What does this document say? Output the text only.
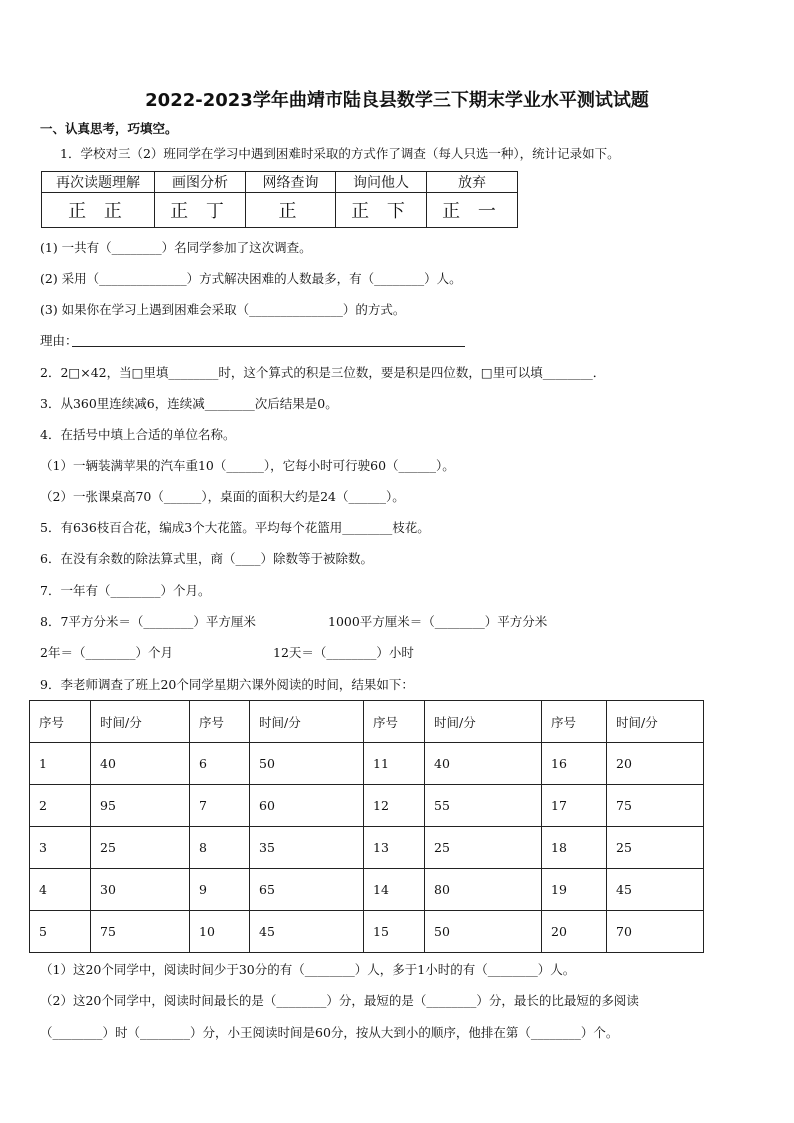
2022-2023学年曲靖市陆良县数学三下期末学业水平测试试题
一、认真思考，巧填空。
1．学校对三（2）班同学在学习中遇到困难时采取的方式作了调查（每人只选一种），统计记录如下。
再次读题理解	画图分析	网络查询	询问他人	放弃
正 正	正 丁	正	正 下	正 一
(1) 一共有（________）名同学参加了这次调查。
(2) 采用（______________）方式解决困难的人数最多，有（________）人。
(3) 如果你在学习上遇到困难会采取（_______________）的方式。
理由：
2．2□×42，当□里填________时，这个算式的积是三位数，要是积是四位数，□里可以填________．
3．从360里连续减6，连续减________次后结果是0。
4．在括号中填上合适的单位名称。
（1）一辆装满苹果的汽车重10（______），它每小时可行驶60（______）。
（2）一张课桌高70（______），桌面的面积大约是24（______）。
5．有636枝百合花，编成3个大花篮。平均每个花篮用________枝花。
6．在没有余数的除法算式里，商（____）除数等于被除数。
7．一年有（________）个月。
8．7平方分米＝（________）平方厘米	1000平方厘米＝（________）平方分米
2年＝（________）个月	12天＝（________）小时
9．李老师调查了班上20个同学星期六课外阅读的时间，结果如下：
序号	时间/分	序号	时间/分	序号	时间/分	序号	时间/分
1	40	6	50	11	40	16	20
2	95	7	60	12	55	17	75
3	25	8	35	13	25	18	25
4	30	9	65	14	80	19	45
5	75	10	45	15	50	20	70
（1）这20个同学中，阅读时间少于30分的有（________）人，多于1小时的有（________）人。
（2）这20个同学中，阅读时间最长的是（________）分，最短的是（________）分，最长的比最短的多阅读
（________）时（________）分，小王阅读时间是60分，按从大到小的顺序，他排在第（________）个。
